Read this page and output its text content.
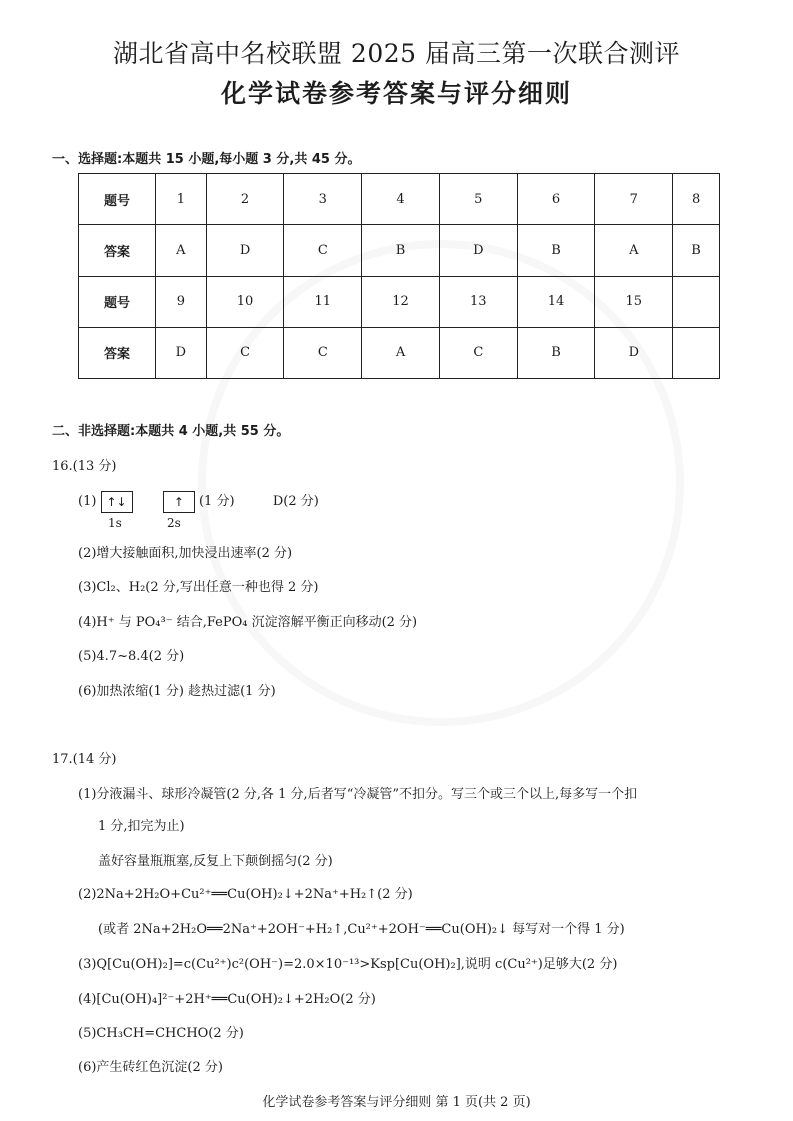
湖北省高中名校联盟 2025 届高三第一次联合测评
化学试卷参考答案与评分细则
一、选择题:本题共 15 小题,每小题 3 分,共 45 分。
题号	1	2	3	4	5	6	7	8
答案	A	D	C	B	D	B	A	B
题号	9	10	11	12	13	14	15	
答案	D	C	C	A	C	B	D	
二、非选择题:本题共 4 小题,共 55 分。
16.(13 分)
(1) ↑↓	↑ (1 分)	D(2 分)
1s	2s
(2)增大接触面积,加快浸出速率(2 分)
(3)Cl₂、H₂(2 分,写出任意一种也得 2 分)
(4)H⁺ 与 PO₄³⁻ 结合,FePO₄ 沉淀溶解平衡正向移动(2 分)
(5)4.7~8.4(2 分)
(6)加热浓缩(1 分) 趁热过滤(1 分)
17.(14 分)
(1)分液漏斗、球形冷凝管(2 分,各 1 分,后者写“冷凝管”不扣分。写三个或三个以上,每多写一个扣
1 分,扣完为止)
盖好容量瓶瓶塞,反复上下颠倒摇匀(2 分)
(2)2Na+2H₂O+Cu²⁺══Cu(OH)₂↓+2Na⁺+H₂↑(2 分)
(或者 2Na+2H₂O══2Na⁺+2OH⁻+H₂↑,Cu²⁺+2OH⁻══Cu(OH)₂↓ 每写对一个得 1 分)
(3)Q[Cu(OH)₂]=c(Cu²⁺)c²(OH⁻)=2.0×10⁻¹³>Ksp[Cu(OH)₂],说明 c(Cu²⁺)足够大(2 分)
(4)[Cu(OH)₄]²⁻+2H⁺══Cu(OH)₂↓+2H₂O(2 分)
(5)CH₃CH=CHCHO(2 分)
(6)产生砖红色沉淀(2 分)
化学试卷参考答案与评分细则 第 1 页(共 2 页)
